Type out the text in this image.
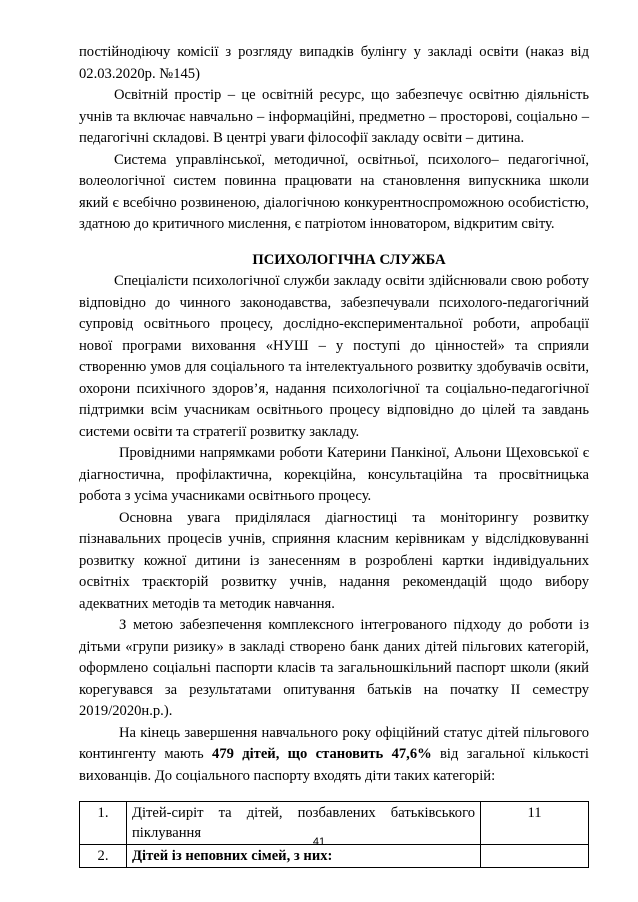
постійнодіючу комісії з розгляду випадків булінгу у закладі освіти (наказ від 02.03.2020р. №145)

Освітній простір – це освітній ресурс, що забезпечує освітню діяльність учнів та включає навчально – інформаційні, предметно – просторові, соціально – педагогічні складові. В центрі уваги філософії закладу освіти – дитина.

Система управлінської, методичної, освітньої, психолого– педагогічної, волеологічної систем повинна працювати на становлення випускника школи який є всебічно розвиненою, діалогічною конкурентноспроможною особистістю, здатною до критичного мислення, є патріотом інноватором, відкритим світу.

ПСИХОЛОГІЧНА СЛУЖБА

Спеціалісти психологічної служби закладу освіти здійснювали свою роботу відповідно до чинного законодавства, забезпечували психолого-педагогічний супровід освітнього процесу, дослідно-експериментальної роботи, апробації нової програми виховання «НУШ – у поступі до цінностей» та сприяли створенню умов для соціального та інтелектуального розвитку здобувачів освіти, охорони психічного здоров’я, надання психологічної та соціально-педагогічної підтримки всім учасникам освітнього процесу відповідно до цілей та завдань системи освіти та стратегії розвитку закладу.

Провідними напрямками роботи Катерини Панкіної, Альони Щеховської є діагностична, профілактична, корекційна, консультаційна та просвітницька робота з усіма учасниками освітнього процесу.

Основна увага приділялася діагностиці та моніторингу розвитку пізнавальних процесів учнів, сприяння класним керівникам у відслідковуванні розвитку кожної дитини із занесенням в розроблені картки індивідуальних освітніх траєкторій розвитку учнів, надання рекомендацій щодо вибору адекватних методів та методик навчання.

З метою забезпечення комплексного інтегрованого підходу до роботи із дітьми «групи ризику» в закладі створено банк даних дітей пільгових категорій, оформлено соціальні паспорти класів та загальношкільний паспорт школи (який корегувався за результатами опитування батьків на початку ІІ семестру 2019/2020н.р.).

На кінець завершення навчального року офіційний статус дітей пільгового контингенту мають 479 дітей, що становить 47,6% від загальної кількості вихованців. До соціального паспорту входять діти таких категорій:

1.	Дітей-сиріт та дітей, позбавлених батьківського піклування	11
2.	Дітей із неповних сімей, з них:	
41
